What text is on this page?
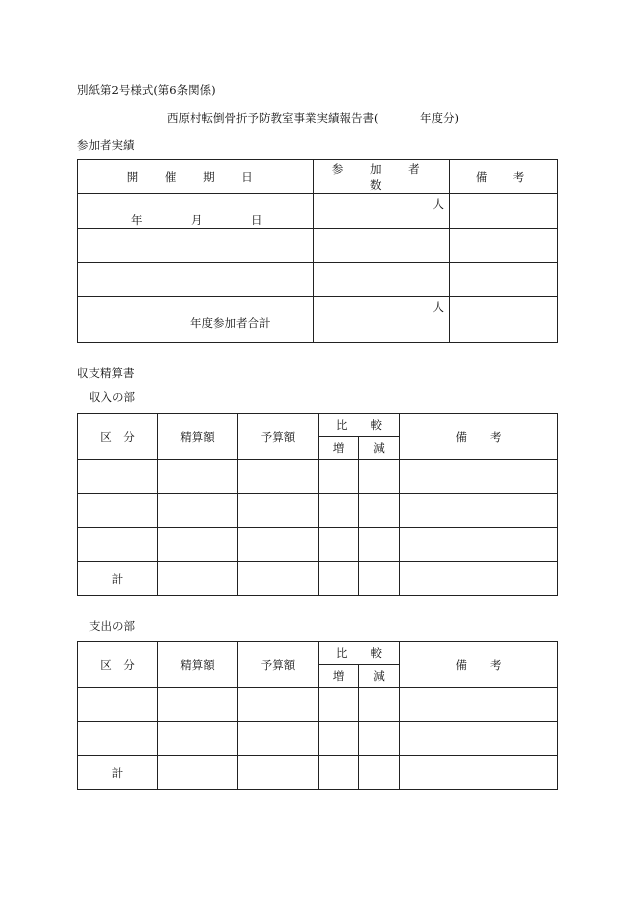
別紙第2号様式(第6条関係)
西原村転倒骨折予防教室事業実績報告書(	年度分)
参加者実績
開 催 期 日	参 加 者 数	備　考

年 月 日	人	

年度参加者合計	人	

収支精算書
収入の部
区　分	精算額	予算額	比　　較		備　　考
			増	減	

計					
支出の部
区　分	精算額	予算額	比　　較		備　　考
			増	減	

計					
